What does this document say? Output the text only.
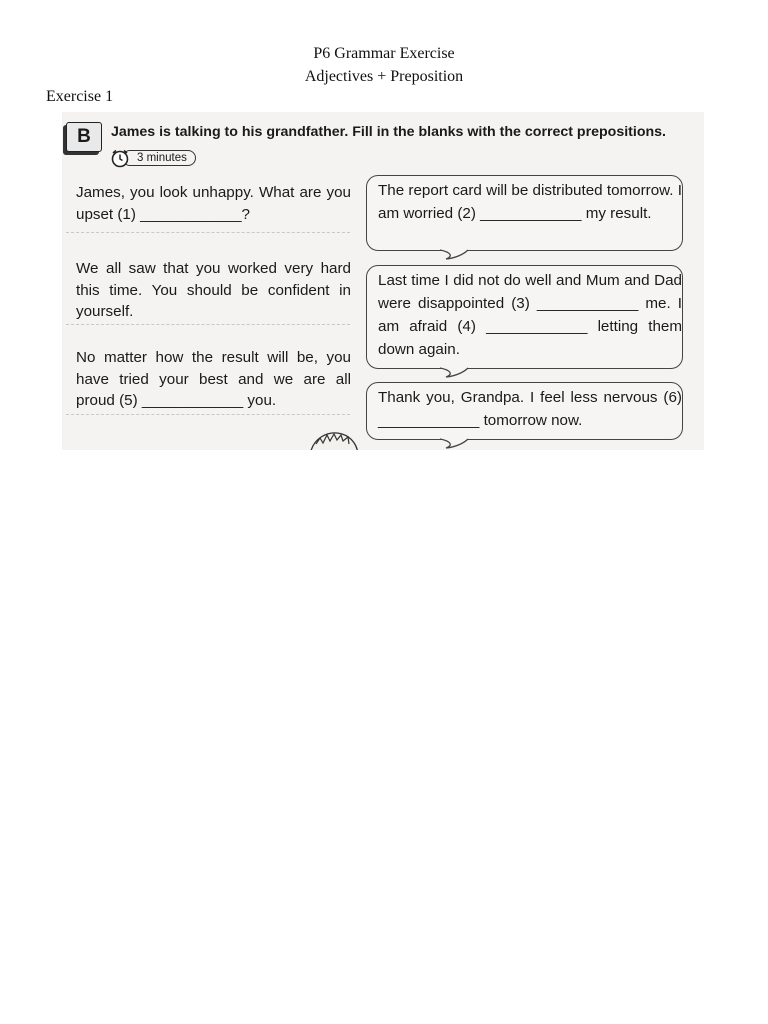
P6 Grammar Exercise
Adjectives + Preposition
Exercise 1
B	James is talking to his grandfather. Fill in the blanks with the correct prepositions.
3 minutes
James, you look unhappy. What are you upset (1) ____________?
We all saw that you worked very hard this time. You should be confident in yourself.
No matter how the result will be, you have tried your best and we are all proud (5) ____________ you.
The report card will be distributed tomorrow. I am worried (2) ____________ my result.
Last time I did not do well and Mum and Dad were disappointed (3) ____________ me. I am afraid (4) ____________ letting them down again.
Thank you, Grandpa. I feel less nervous (6) ____________ tomorrow now.
